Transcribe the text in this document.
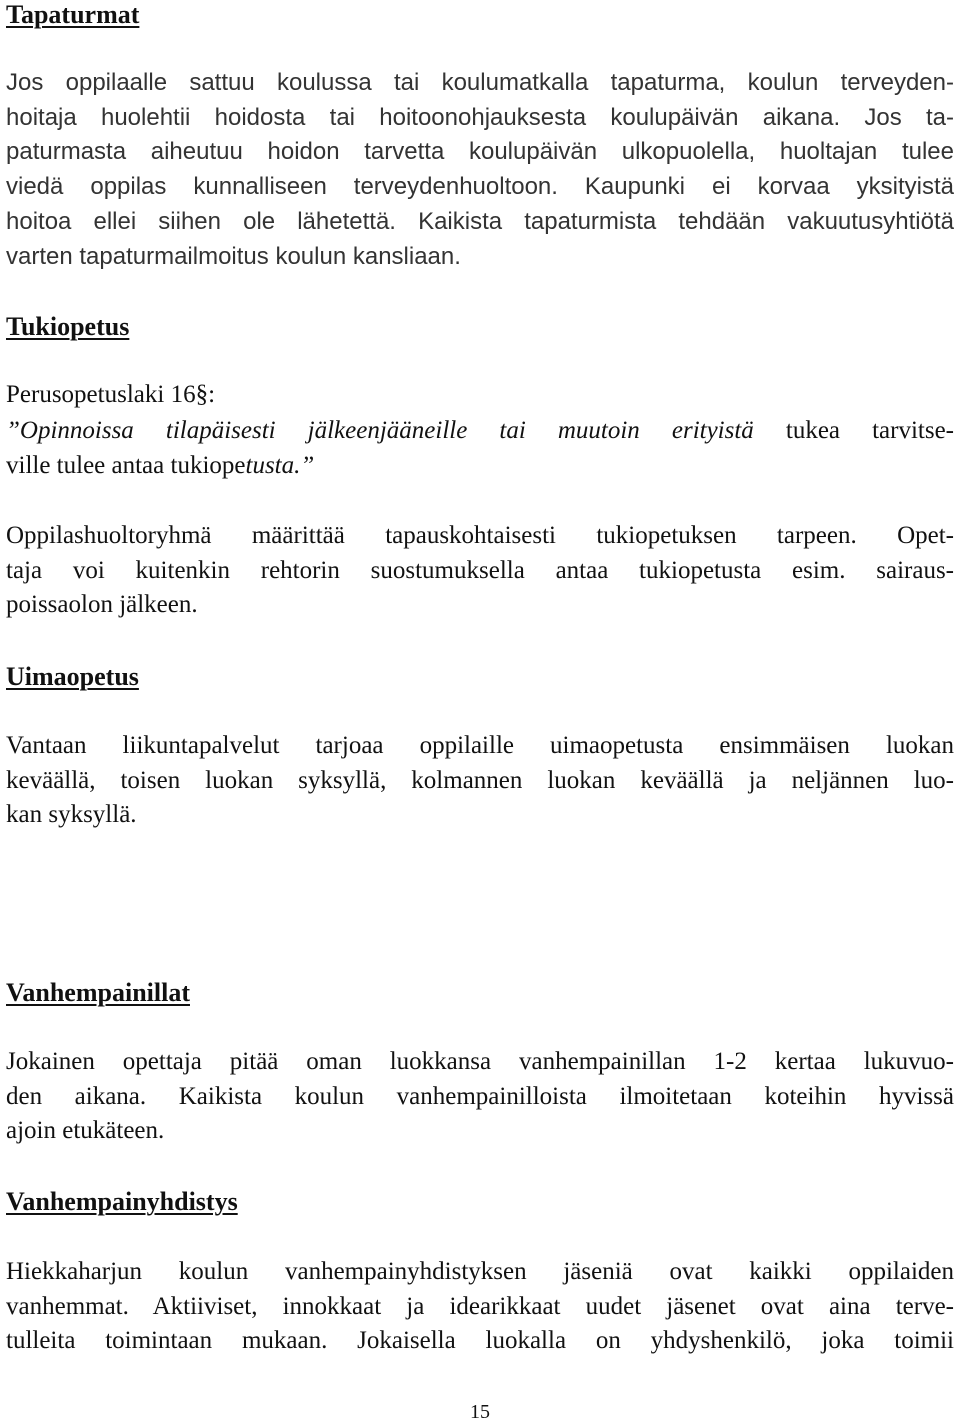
Tapaturmat
Jos oppilaalle sattuu koulussa tai koulumatkalla tapaturma, koulun terveyden-
hoitaja huolehtii hoidosta tai hoitoonohjauksesta koulupäivän aikana. Jos ta-
paturmasta aiheutuu hoidon tarvetta koulupäivän ulkopuolella, huoltajan tulee
viedä oppilas kunnalliseen terveydenhuoltoon. Kaupunki ei korvaa yksityistä
hoitoa ellei siihen ole lähetettä. Kaikista tapaturmista tehdään vakuutusyhtiötä
varten tapaturmailmoitus koulun kansliaan.
Tukiopetus
Perusopetuslaki 16§:
”Opinnoissa tilapäisesti jälkeenjääneille tai muutoin erityistä tukea tarvitse-
ville tulee antaa tukiopetusta.”
Oppilashuoltoryhmä määrittää tapauskohtaisesti tukiopetuksen tarpeen. Opet-
taja voi kuitenkin rehtorin suostumuksella antaa tukiopetusta esim. sairaus-
poissaolon jälkeen.
Uimaopetus
Vantaan liikuntapalvelut tarjoaa oppilaille uimaopetusta ensimmäisen luokan
keväällä, toisen luokan syksyllä, kolmannen luokan keväällä ja neljännen luo-
kan syksyllä.
Vanhempainillat
Jokainen opettaja pitää oman luokkansa vanhempainillan 1-2 kertaa lukuvuo-
den aikana. Kaikista koulun vanhempainilloista ilmoitetaan koteihin hyvissä
ajoin etukäteen.
Vanhempainyhdistys
Hiekkaharjun koulun vanhempainyhdistyksen jäseniä ovat kaikki oppilaiden
vanhemmat. Aktiiviset, innokkaat ja idearikkaat uudet jäsenet ovat aina terve-
tulleita toimintaan mukaan. Jokaisella luokalla on yhdyshenkilö, joka toimii
15
